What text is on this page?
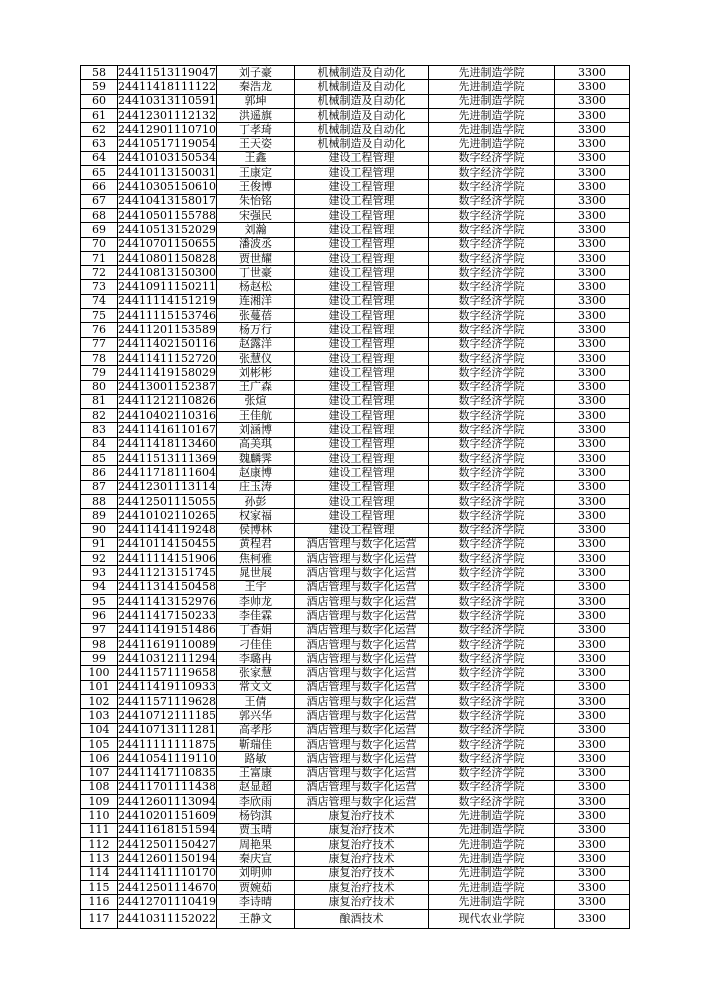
58	24411513119047	刘子豪	机械制造及自动化	先进制造学院	3300
59	24411418111122	秦浩龙	机械制造及自动化	先进制造学院	3300
60	24410313110591	郭坤	机械制造及自动化	先进制造学院	3300
61	24412301112132	洪遥旗	机械制造及自动化	先进制造学院	3300
62	24412901110710	丁孝琦	机械制造及自动化	先进制造学院	3300
63	24410517119054	王天姿	机械制造及自动化	先进制造学院	3300
64	24410103150534	王鑫	建设工程管理	数字经济学院	3300
65	24410113150031	王康定	建设工程管理	数字经济学院	3300
66	24410305150610	王俊博	建设工程管理	数字经济学院	3300
67	24410413158017	朱怡铭	建设工程管理	数字经济学院	3300
68	24410501155788	宋强民	建设工程管理	数字经济学院	3300
69	24410513152029	刘瀚	建设工程管理	数字经济学院	3300
70	24410701150655	潘波丞	建设工程管理	数字经济学院	3300
71	24410801150828	贾世耀	建设工程管理	数字经济学院	3300
72	24410813150300	丁世豪	建设工程管理	数字经济学院	3300
73	24410911150211	杨赵松	建设工程管理	数字经济学院	3300
74	24411114151219	连湘洋	建设工程管理	数字经济学院	3300
75	24411115153746	张蔓蓓	建设工程管理	数字经济学院	3300
76	24411201153589	杨万行	建设工程管理	数字经济学院	3300
77	24411402150116	赵露洋	建设工程管理	数字经济学院	3300
78	24411411152720	张慧仪	建设工程管理	数字经济学院	3300
79	24411419158029	刘彬彬	建设工程管理	数字经济学院	3300
80	24413001152387	王广森	建设工程管理	数字经济学院	3300
81	24411212110826	张煊	建设工程管理	数字经济学院	3300
82	24410402110316	王佳航	建设工程管理	数字经济学院	3300
83	24411416110167	刘涵博	建设工程管理	数字经济学院	3300
84	24411418113460	高美琪	建设工程管理	数字经济学院	3300
85	24411513111369	魏麟霁	建设工程管理	数字经济学院	3300
86	24411718111604	赵康博	建设工程管理	数字经济学院	3300
87	24412301113114	庄玉涛	建设工程管理	数字经济学院	3300
88	24412501115055	孙彭	建设工程管理	数字经济学院	3300
89	24410102110265	权家福	建设工程管理	数字经济学院	3300
90	24411414119248	侯博林	建设工程管理	数字经济学院	3300
91	24410114150455	黄程君	酒店管理与数字化运营	数字经济学院	3300
92	24411114151906	焦柯雅	酒店管理与数字化运营	数字经济学院	3300
93	24411213151745	晁世展	酒店管理与数字化运营	数字经济学院	3300
94	24411314150458	王宇	酒店管理与数字化运营	数字经济学院	3300
95	24411413152976	李帅龙	酒店管理与数字化运营	数字经济学院	3300
96	24411417150233	李佳霖	酒店管理与数字化运营	数字经济学院	3300
97	24411419151486	丁香娟	酒店管理与数字化运营	数字经济学院	3300
98	24411619110089	刁佳佳	酒店管理与数字化运营	数字经济学院	3300
99	24410312111294	李璐冉	酒店管理与数字化运营	数字经济学院	3300
100	24411571119658	张家慧	酒店管理与数字化运营	数字经济学院	3300
101	24411419110933	常文文	酒店管理与数字化运营	数字经济学院	3300
102	24411571119628	王倩	酒店管理与数字化运营	数字经济学院	3300
103	24410712111185	郭兴华	酒店管理与数字化运营	数字经济学院	3300
104	24410713111281	高孝彤	酒店管理与数字化运营	数字经济学院	3300
105	24411111111875	靳瑞佳	酒店管理与数字化运营	数字经济学院	3300
106	24410541119110	路敏	酒店管理与数字化运营	数字经济学院	3300
107	24411417110835	王富康	酒店管理与数字化运营	数字经济学院	3300
108	24411701111438	赵显超	酒店管理与数字化运营	数字经济学院	3300
109	24412601113094	李欣雨	酒店管理与数字化运营	数字经济学院	3300
110	24410201151609	杨钧淇	康复治疗技术	先进制造学院	3300
111	24411618151594	贾玉晴	康复治疗技术	先进制造学院	3300
112	24412501150427	周艳果	康复治疗技术	先进制造学院	3300
113	24412601150194	秦庆宣	康复治疗技术	先进制造学院	3300
114	24411411110170	刘明帅	康复治疗技术	先进制造学院	3300
115	24412501114670	贾婉茹	康复治疗技术	先进制造学院	3300
116	24412701110419	李诗晴	康复治疗技术	先进制造学院	3300
117	24410311152022	王静文	酿酒技术	现代农业学院	3300
